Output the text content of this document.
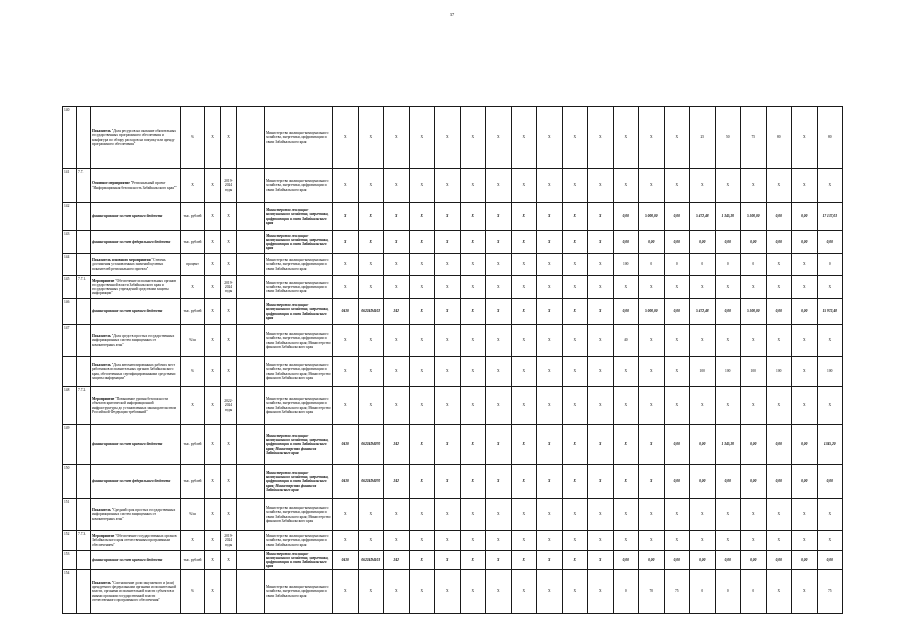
37
140		Показатель "Доля ресурсов на оказание обязательных государственных программного обеспечения и конфигура по обзору расходов на покупку или аренду программного обеспечения"	%	X	X		Министерство жилищно-коммунального хозяйства, энергетики, цифровизации и связи Забайкальского края	X	X	X	X	X	X	X	X	X	X	X	X	X	X	25	50	75	80	X	80
141	7.7.	Основное мероприятие "Региональный проект "Информационная безопасность Забайкальского края""	X	X	2019-2024 годы		Министерство жилищно-коммунального хозяйства, энергетики, цифровизации и связи Забайкальского края	X	X	X	X	X	X	X	X	X	X	X	X	X	X	X	X	X	X	X	X
142		финансирование за счет краевого бюджета	тыс. рублей	X	X		Министерство жилищно-коммунального хозяйства, энергетики, цифровизации и связи Забайкальского края	X	X	X	X	X	X	X	X	X	X	X	0,00	5 000,00	0,00	5 472,48	1 345,20	5 500,00	0,00	0,00	17 137,03
143		финансирование за счет федерального бюджета	тыс. рублей	X	X		Министерство жилищно-коммунального хозяйства, энергетики, цифровизации и связи Забайкальского края	X	X	X	X	X	X	X	X	X	X	X	0,00	0,00	0,00	0,00	0,00	0,00	0,00	0,00	0,00
144		Показатель основного мероприятия "Степень достижения установленных значений целевых показателей регионального проекта"	процент	X	X		Министерство жилищно-коммунального хозяйства, энергетики, цифровизации и связи Забайкальского края	X	X	X	X	X	X	X	X	X	X	X	100	0	0	0	0	0	X	X	0
145	7.7.1.	Мероприятие "Обеспечение исполнительных органов государственной власти Забайкальского края и государственных учреждений средствами защиты информации"	X	X	2019-2024 годы		Министерство жилищно-коммунального хозяйства, энергетики, цифровизации и связи Забайкальского края	X	X	X	X	X	X	X	X	X	X	X	X	X	X	X	X	X	X	X	X
146		финансирование за счет краевого бюджета	тыс. рублей	X	X		Министерство жилищно-коммунального хозяйства, энергетики, цифровизации и связи Забайкальского края	0410	06224D4102	242	X	X	X	X	X	X	X	X	0,00	5 000,00	0,00	5 472,48	0,00	5 500,00	0,00	0,00	15 972,48
147		Показатель "Доля средств простых государственных информационных систем защищенных от компьютерных атак"	%/ш	X	X		Министерство жилищно-коммунального хозяйства, энергетики, цифровизации и связи Забайкальского края; Министерство финансов Забайкальского края	X	X	X	X	X	X	X	X	X	X	X	40	X	X	X	X	X	X	X	X
		Показатель "Доля автоматизированных рабочих мест работников исполнительных органов Забайкальского края, обеспеченных сертифицированными средствами защиты информации"	%	X	X		Министерство жилищно-коммунального хозяйства, энергетики, цифровизации и связи Забайкальского края; Министерство финансов Забайкальского края	X	X	X	X	X	X	X	X	X	X	X	X	X	X	100	100	100	100	X	100
148	7.7.2.	Мероприятие "Повышение уровня безопасности объектов критической информационной инфраструктуры до установленных законодательством Российской Федерации требований"	X	X	2022-2024 годы		Министерство жилищно-коммунального хозяйства, энергетики, цифровизации и связи Забайкальского края; Министерство финансов Забайкальского края	X	X	X	X	X	X	X	X	X	X	X	X	X	X	X	X	X	X	X	X
149		финансирование за счет краевого бюджета	тыс. рублей	X	X		Министерство жилищно-коммунального хозяйства, энергетики, цифровизации и связи Забайкальского края; Министерство финансов Забайкальского края	0410	06224D4070	242	X	X	X	X	X	X	X	X	X	X	0,00	0,00	1 345,20	0,00	0,00	0,00	1345,20
150		финансирование за счет федерального бюджета	тыс. рублей	X	X		Министерство жилищно-коммунального хозяйства, энергетики, цифровизации и связи Забайкальского края; Министерство финансов Забайкальского края	0410	06224D4070	242	X	X	X	X	X	X	X	X	X	X	0,00	0,00	0,00	0,00	0,00	0,00	0,00
151		Показатель "Средний срок простых государственных информационных систем защищенных от компьютерных атак"	%/ш	X	X		Министерство жилищно-коммунального хозяйства, энергетики, цифровизации и связи Забайкальского края; Министерство финансов Забайкальского края	X	X	X	X	X	X	X	X	X	X	X	X	X	X	X	X	X	X	X	X
152	7.7.3.	Мероприятие "Обеспечение государственных органов Забайкальского края отечественным программным обеспечением"	X	X	2019-2024 годы		Министерство жилищно-коммунального хозяйства, энергетики, цифровизации и связи Забайкальского края	X	X	X	X	X	X	X	X	X	X	X	X	X	X	X	X	X	X	X	X
153		финансирование за счет краевого бюджета	тыс. рублей	X	X		Министерство жилищно-коммунального хозяйства, энергетики, цифровизации и связи Забайкальского края	0410	06224D4103	242	X	X	X	X	X	X	X	X	0,00	0,00	0,00	0,00	0,00	0,00	0,00	0,00	0,00
154		Показатель "Соотношение доли закупаемого и (или) арендуемого федеральными органами исполнительной власти, органами исполнительной власти субъектов и иными органами государственной власти отечественного программного обеспечения"	%	X			Министерство жилищно-коммунального хозяйства, энергетики, цифровизации и связи Забайкальского края	X	X	X	X	X	X	X	X	X	X	X	0	70	75	0	0	0	X	X	75
